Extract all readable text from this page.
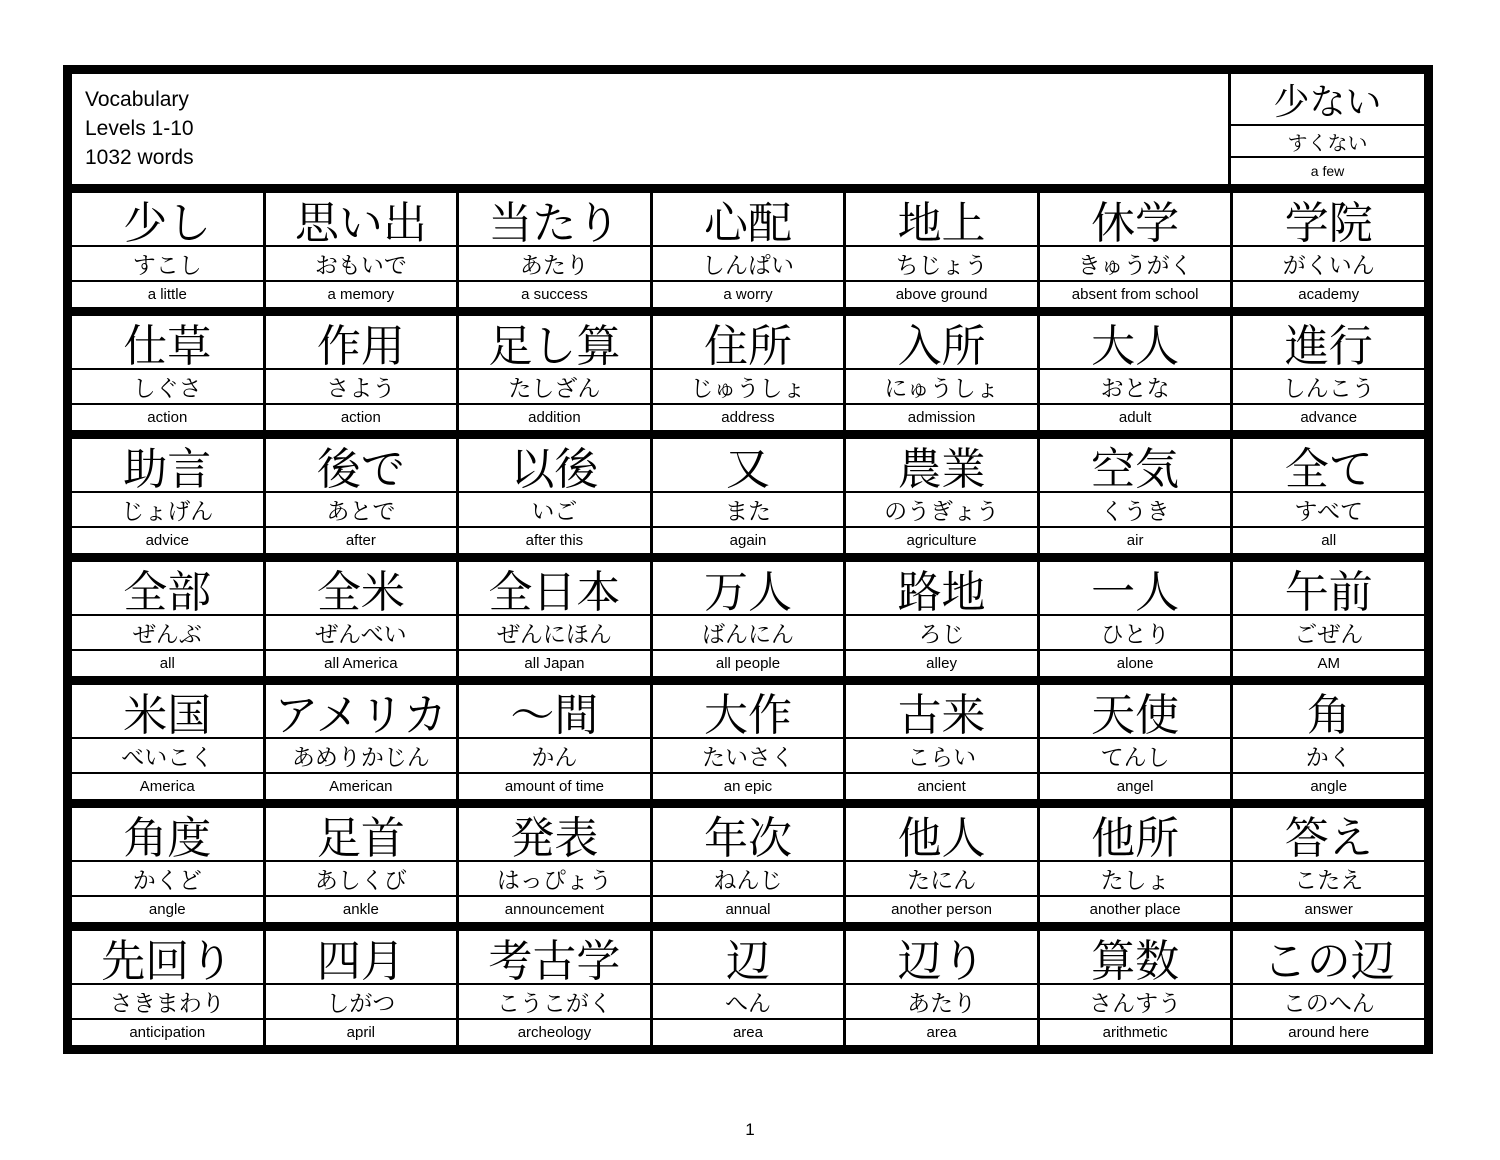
Vocabulary
Levels 1-10
1032 words
少ない
すくない
a few
少し
すこし
a little
思い出
おもいで
a memory
当たり
あたり
a success
心配
しんぱい
a worry
地上
ちじょう
above ground
休学
きゅうがく
absent from school
学院
がくいん
academy
仕草
しぐさ
action
作用
さよう
action
足し算
たしざん
addition
住所
じゅうしょ
address
入所
にゅうしょ
admission
大人
おとな
adult
進行
しんこう
advance
助言
じょげん
advice
後で
あとで
after
以後
いご
after this
又
また
again
農業
のうぎょう
agriculture
空気
くうき
air
全て
すべて
all
全部
ぜんぶ
all
全米
ぜんべい
all America
全日本
ぜんにほん
all Japan
万人
ばんにん
all people
路地
ろじ
alley
一人
ひとり
alone
午前
ごぜん
AM
米国
べいこく
America
アメリカ
あめりかじん
American
〜間
かん
amount of time
大作
たいさく
an epic
古来
こらい
ancient
天使
てんし
angel
角
かく
angle
角度
かくど
angle
足首
あしくび
ankle
発表
はっぴょう
announcement
年次
ねんじ
annual
他人
たにん
another person
他所
たしょ
another place
答え
こたえ
answer
先回り
さきまわり
anticipation
四月
しがつ
april
考古学
こうこがく
archeology
辺
へん
area
辺り
あたり
area
算数
さんすう
arithmetic
この辺
このへん
around here
1
